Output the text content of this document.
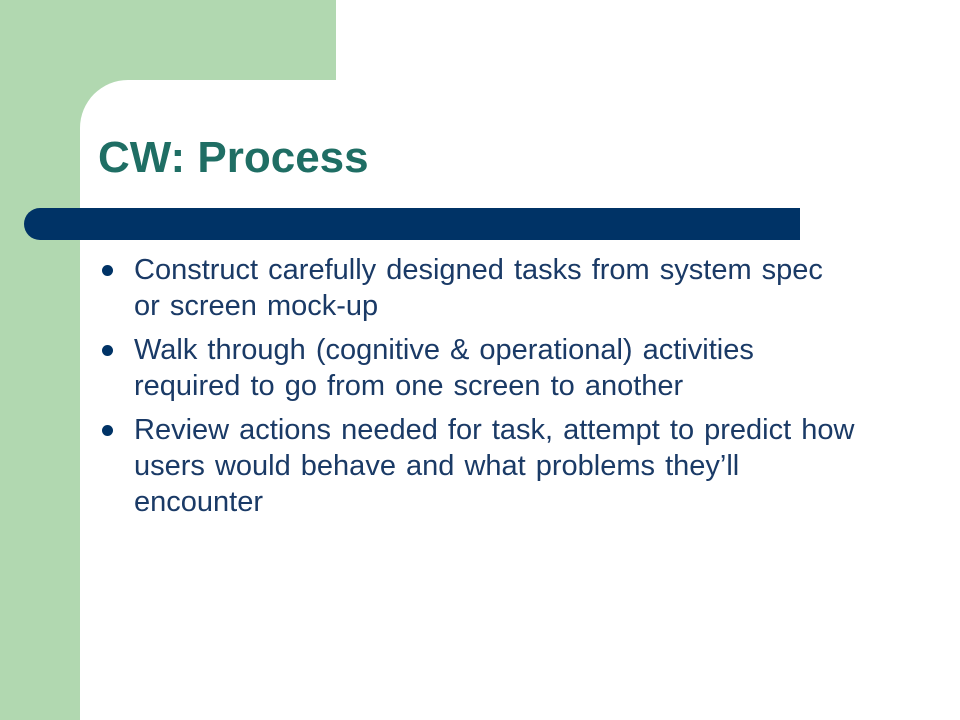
CW: Process
Construct carefully designed tasks from system spec or screen mock-up
Walk through (cognitive & operational) activities required to go from one screen to another
Review actions needed for task, attempt to predict how users would behave and what problems they’ll encounter
